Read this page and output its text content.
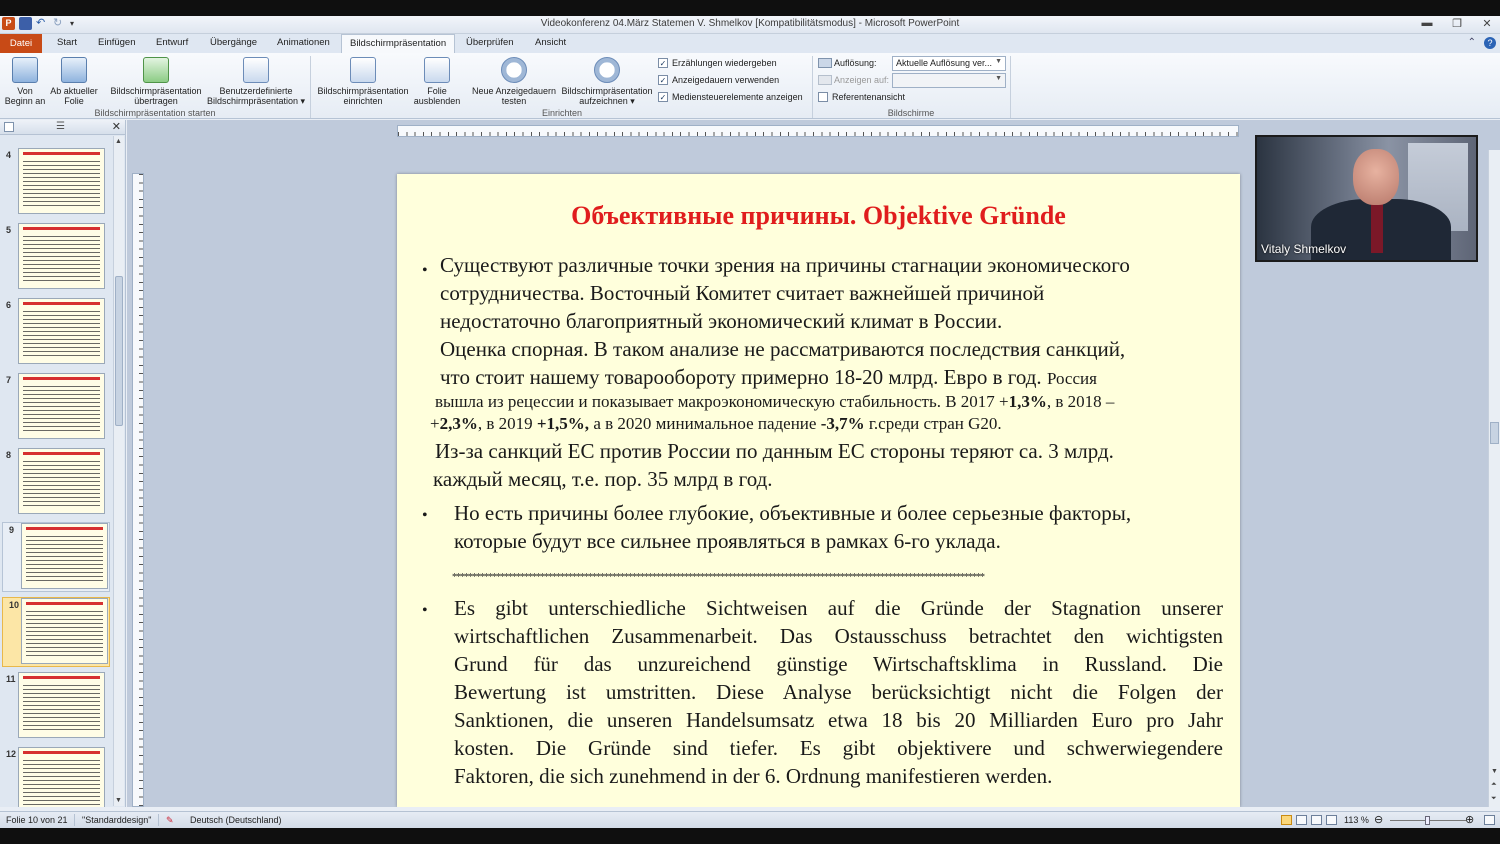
P	↶ ↻ ▾	Videokonferenz 04.März Statemen V. Shmelkov [Kompatibilitätsmodus] - Microsoft PowerPoint	▬	❐	✕
Datei	Start Einfügen Entwurf Übergänge Animationen	Bildschirmpräsentation	Überprüfen Ansicht	⌃	?
Von
Beginn an
Ab aktueller
Folie
Bildschirmpräsentation
übertragen
Benutzerdefinierte
Bildschirmpräsentation ▾
Bildschirmpräsentation starten
Bildschirmpräsentation
einrichten
Folie
ausblenden
Neue Anzeigedauern
testen
Bildschirmpräsentation
aufzeichnen ▾
✓ Erzählungen wiedergeben
✓ Anzeigedauern verwenden
✓ Mediensteuerelemente anzeigen
Einrichten
Auflösung:	Aktuelle Auflösung ver... ▼
Anzeigen auf:	▼
Referentenansicht
Bildschirme
☰	✕
4
5
6
7
8
9
10
11
12
▲
▼
Объективные причины. Objektive Gründe
• Существуют различные точки зрения на причины стагнации экономического
сотрудничества. Восточный Комитет считает важнейшей причиной
недостаточно благоприятный экономический климат в России.
Оценка спорная. В таком анализе не рассматриваются последствия санкций,
что стоит нашему товарообороту примерно 18-20 млрд. Евро в год. Россия
вышла из рецессии и показывает макроэкономическую стабильность. В 2017 +1,3%, в 2018 –
+2,3%, в 2019 +1,5%, а в 2020 минимальное падение -3,7% г.среди стран G20.
Из-за санкций ЕС против России по данным ЕС стороны теряют са. 3 млрд.
каждый месяц, т.е. пор. 35 млрд в год.
• Но есть причины более глубокие, объективные и более серьезные факторы,
которые будут все сильнее проявляться в рамках 6-го уклада.
*************************************************************************************************************************************
• Es gibt unterschiedliche Sichtweisen auf die Gründe der Stagnation unserer
wirtschaftlichen Zusammenarbeit. Das Ostausschuss betrachtet den wichtigsten
Grund für das unzureichend günstige Wirtschaftsklima in Russland. Die
Bewertung ist umstritten. Diese Analyse berücksichtigt nicht die Folgen der
Sanktionen, die unseren Handelsumsatz etwa 18 bis 20 Milliarden Euro pro Jahr
kosten. Die Gründe sind tiefer. Es gibt objektivere und schwerwiegendere
Faktoren, die sich zunehmend in der 6. Ordnung manifestieren werden.	▼
⏶
⏷
Vitaly Shmelkov
Folie 10 von 21 "Standarddesign" ✎ Deutsch (Deutschland)	113 % ⊖	⊕
